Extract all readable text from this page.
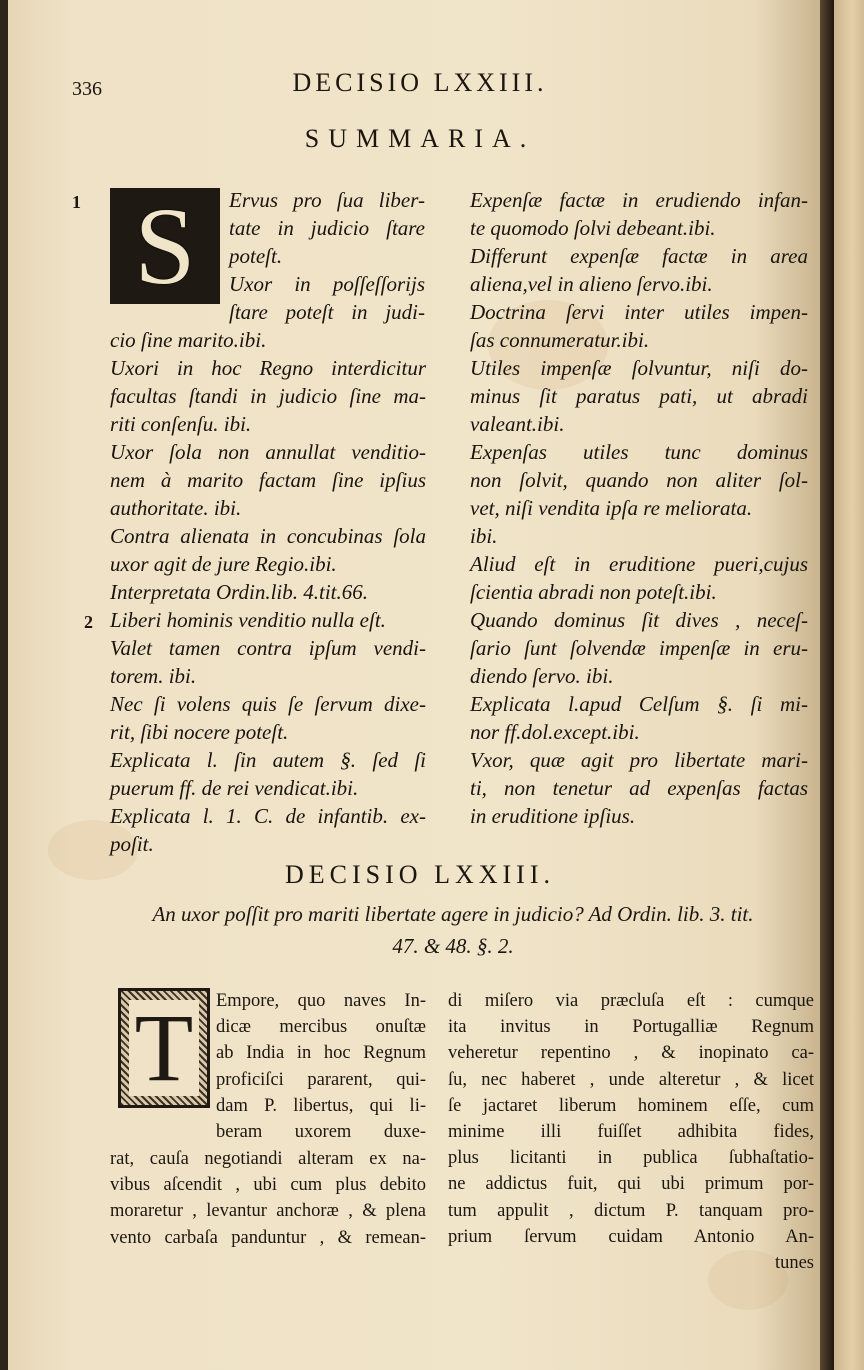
336	DECISIO LXXIII.
SUMMARIA.
1
2
S Ervus pro ſua liber-
tate in judicio ſtare
poteſt.
Uxor in poſſeſſorijs
ſtare poteſt in judi-
cio ſine marito.ibi.
Uxori in hoc Regno interdicitur
facultas ſtandi in judicio ſine ma-
riti conſenſu. ibi.
Uxor ſola non annullat venditio-
nem à marito factam ſine ipſius
authoritate. ibi.
Contra alienata in concubinas ſola
uxor agit de jure Regio.ibi.
Interpretata Ordin.lib. 4.tit.66.
Liberi hominis venditio nulla eſt.
Valet tamen contra ipſum vendi-
torem. ibi.
Nec ſi volens quis ſe ſervum dixe-
rit, ſibi nocere poteſt.
Explicata l. ſin autem §. ſed ſi
puerum ff. de rei vendicat.ibi.
Explicata l. 1. C. de infantib. ex-
poſit.
Expenſæ factæ in erudiendo infan-
te quomodo ſolvi debeant.ibi.
Differunt expenſæ factæ in area
aliena,vel in alieno ſervo.ibi.
Doctrina ſervi inter utiles impen-
ſas connumeratur.ibi.
Utiles impenſæ ſolvuntur, niſi do-
minus ſit paratus pati, ut abradi
valeant.ibi.
Expenſas utiles tunc dominus
non ſolvit, quando non aliter ſol-
vet, niſi vendita ipſa re meliorata.
ibi.
Aliud eſt in eruditione pueri,cujus
ſcientia abradi non poteſt.ibi.
Quando dominus ſit dives , neceſ-
ſario ſunt ſolvendæ impenſæ in eru-
diendo ſervo. ibi.
Explicata l.apud Celſum §. ſi mi-
nor ff.dol.except.ibi.
Vxor, quæ agit pro libertate mari-
ti, non tenetur ad expenſas factas
in eruditione ipſius.
DECISIO LXXIII.
An uxor poſſit pro mariti libertate agere in judicio? Ad Ordin. lib. 3. tit.
47. & 48. §. 2.
T	Empore, quo naves In-
dicæ mercibus onuſtæ
ab India in hoc Regnum
proficiſci pararent, qui-
dam P. libertus, qui li-
beram uxorem duxe-
rat, cauſa negotiandi alteram ex na-
vibus aſcendit , ubi cum plus debito
moraretur , levantur anchoræ , & plena
vento carbaſa panduntur , & remean-
di miſero via præcluſa eſt : cumque
ita invitus in Portugalliæ Regnum
veheretur repentino , & inopinato ca-
ſu, nec haberet , unde alteretur , & licet
ſe jactaret liberum hominem eſſe, cum
minime illi fuiſſet adhibita fides,
plus licitanti in publica ſubhaſtatio-
ne addictus fuit, qui ubi primum por-
tum appulit , dictum P. tanquam pro-
prium ſervum cuidam Antonio An-
tunes
